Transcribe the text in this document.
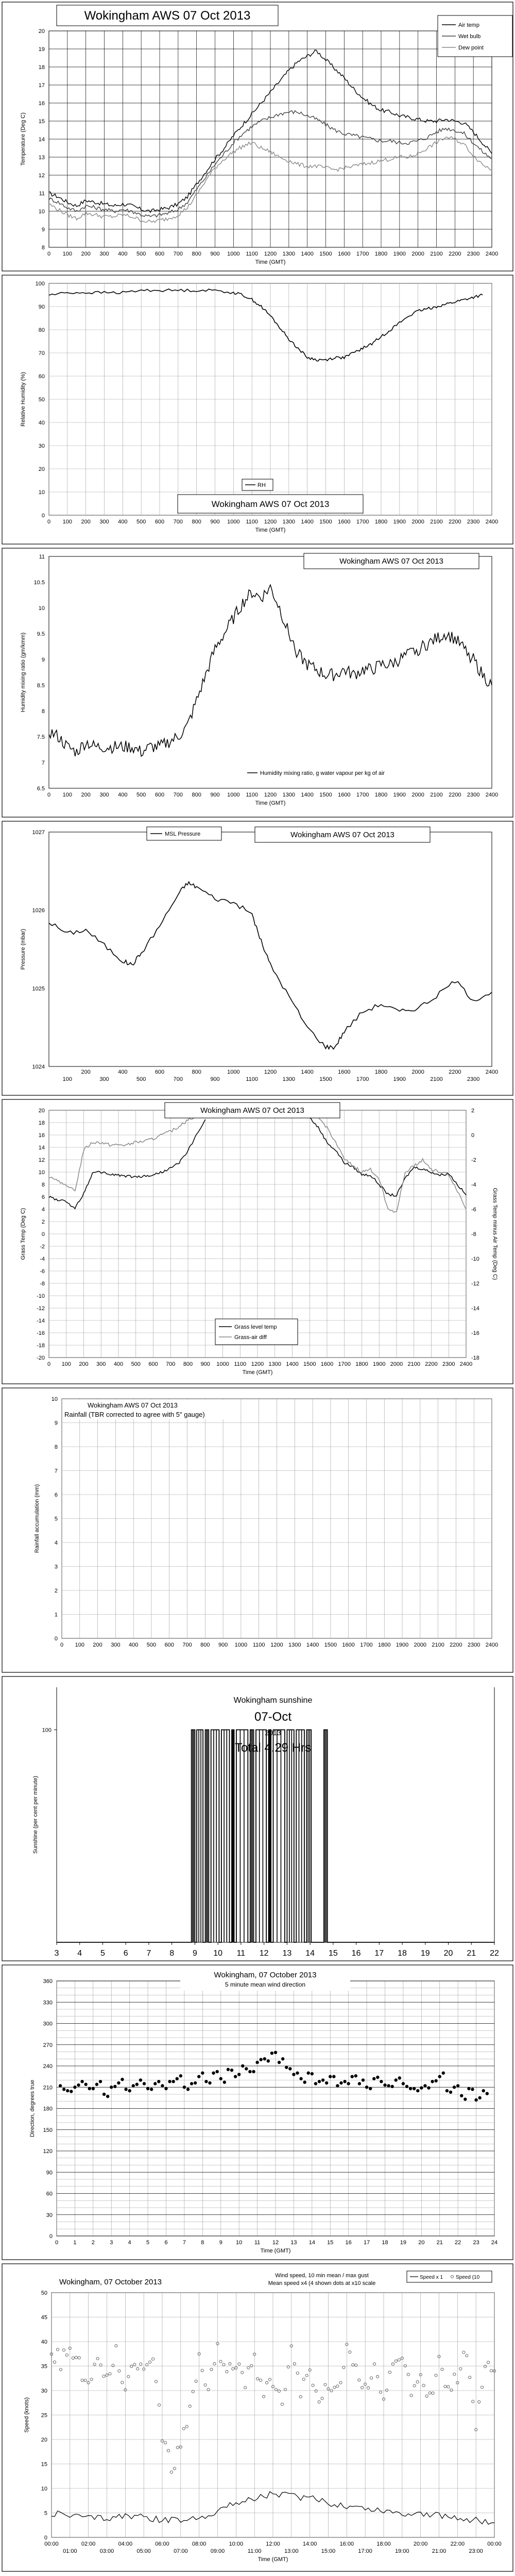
0 100 200 300 400 500 600 700 800 900 1000 1100 1200 1300 1400 1500 1600 1700 1800 1900 2000 2100 2200 2300 2400
8
9
10
11
12
13
14
15
16
17
18
19
20
Time (GMT)
Temperature (Deg C)
Wokingham AWS 07 Oct 2013
Air temp
Wet bulb
Dew point
0 100 200 300 400 500 600 700 800 900 1000 1100 1200 1300 1400 1500 1600 1700 1800 1900 2000 2100 2200 2300 2400
0
10
20
30
40
50
60
70
80
90
100
Time (GMT)
Relative Humidity (%)
RH
Wokingham AWS 07 Oct 2013
0 100 200 300 400 500 600 700 800 900 1000 1100 1200 1300 1400 1500 1600 1700 1800 1900 2000 2100 2200 2300 2400
6.5
7
7.5
8
8.5
9
9.5
10
10.5
11
Time (GMT)
Humidity mixing ratio (gm/kmm)
Wokingham AWS 07 Oct 2013
Humidity mixing ratio, g water vapour per kg of air
100
200
300
400
500
600
700
800
900
1000
1100
1200
1300
1400
1500
1600
1700
1800
1900
2000
2100
2200
2300
2400
1024
1025
1026
1027
Pressure (mbar)
MSL Pressure	Wokingham AWS 07 Oct 2013
0 100 200 300 400 500 600 700 800 900 1000 1100 1200 1300 1400 1500 1600 1700 1800 1900 2000 2100 2200 2300 2400
-20
-18
-16
-14
-12
-10
-8
-6
-4
-2
0
2
4
6
8
10
12
14
16
18
20
-18
-16
-14
-12
-10
-8
-6
-4
-2
0
2
Time (GMT)
Grass Temp (Deg C)	Grass Temp minus Air Temp (Deg C)
Wokingham AWS 07 Oct 2013
Grass level temp
Grass-air diff
0 100 200 300 400 500 600 700 800 900 1000 1100 1200 1300 1400 1500 1600 1700 1800 1900 2000 2100 2200 2300 2400
0
1
2
3
4
5
6
7
8
9
10
Rainfall accumulation (mm)
Wokingham AWS 07 Oct 2013
Rainfall (TBR corrected to agree with 5" gauge)
100
3 4 5 6 7 8 9 10 11 12 13 14 15 16 17 18 19 20 21 22
Sunshine (per cent per minute)
Wokingham sunshine
07-Oct
2013
Total 4.29 Hrs
0	1	2	3	4	5	6	7	8	9 10 11 12 13 14 15 16 17 18 19 20 21 22 23 24
0
30
60
90
120
150
180
210
240
270
300
330
360
Time (GMT)
Direction, degrees true
Wokingham, 07 October 2013
5 minute mean wind direction
0
5
10
15
20
25
30
35
40
45
50
00:00	02:00	04:00	06:00	08:00	10:00	12:00	14:00	16:00	18:00	20:00	22:00	00:00
01:00	03:00	05:00	07:00	09:00	11:00	13:00	15:00	17:00	19:00	21:00	23:00
Time (GMT)
Speed (knots)
Wokingham, 07 October 2013
Wind speed, 10 min mean / max gust
Mean speed x4 (4 shown dots at x10 scale
Speed x 1 Speed (10
